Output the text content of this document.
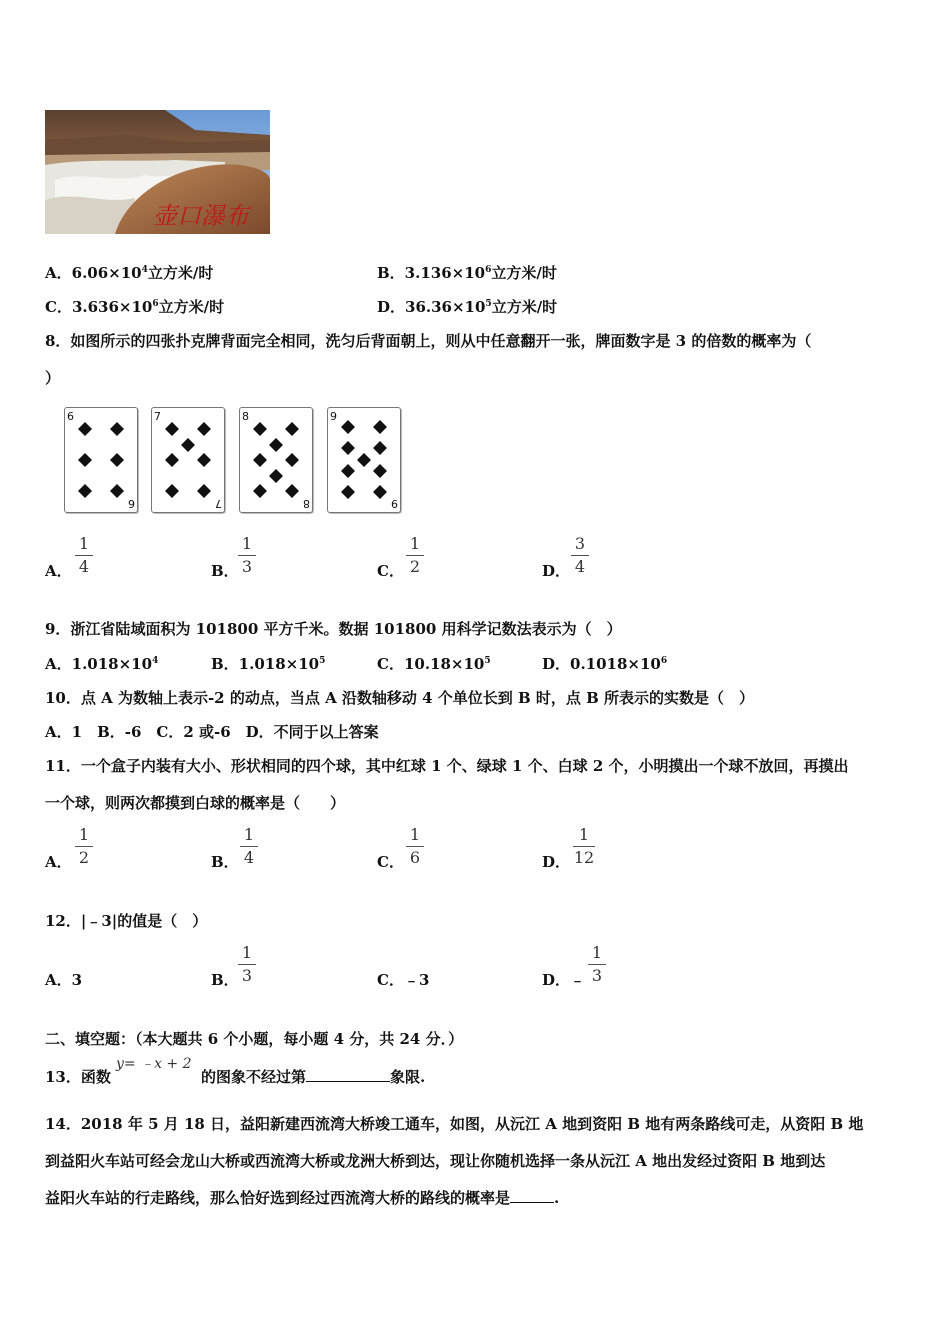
壶口瀑布
A．$6.06\times 10^4$立方米/时	B．$3.136\times 10^6$立方米/时
C．$3.636\times 10^6$立方米/时	D．$36.36\times 10^5$立方米/时
8．如图所示的四张扑克牌背面完全相同，洗匀后背面朝上，则从中任意翻开一张，牌面数字是 3 的倍数的概率为（
）
6
6
7
7
8
8
9
9
A．
1
4	B．
1
3	C．
1
2	D．
3
4
9．浙江省陆域面积为 101800 平方千米。数据 101800 用科学记数法表示为（　）
A．$1.018\times 10^4$	B．$1.018\times 10^5$	C．$10.18\times 10^5$	D．$0.1018\times 10^6$
10．点 A 为数轴上表示-2 的动点，当点 A 沿数轴移动 4 个单位长到 B 时，点 B 所表示的实数是（　）
A．1　B．-6　C．2 或-6　D．不同于以上答案
11．一个盒子内装有大小、形状相同的四个球，其中红球 1 个、绿球 1 个、白球 2 个，小明摸出一个球不放回，再摸出
一个球，则两次都摸到白球的概率是（　　）
A．
1
2	B．
1
4	C．
1
6	D．
1
12
12．|﹣3|的值是（　）
A．3	B．
1
3	C．﹣3	D．﹣
1
3
二、填空题：（本大题共 6 个小题，每小题 4 分，共 24 分．）
13．函数
y= ﹣x + 2
的图象不经过第	象限.
14．2018 年 5 月 18 日，益阳新建西流湾大桥竣工通车，如图，从沅江 A 地到资阳 B 地有两条路线可走，从资阳 B 地
到益阳火车站可经会龙山大桥或西流湾大桥或龙洲大桥到达，现让你随机选择一条从沅江 A 地出发经过资阳 B 地到达
益阳火车站的行走路线，那么恰好选到经过西流湾大桥的路线的概率是	.
